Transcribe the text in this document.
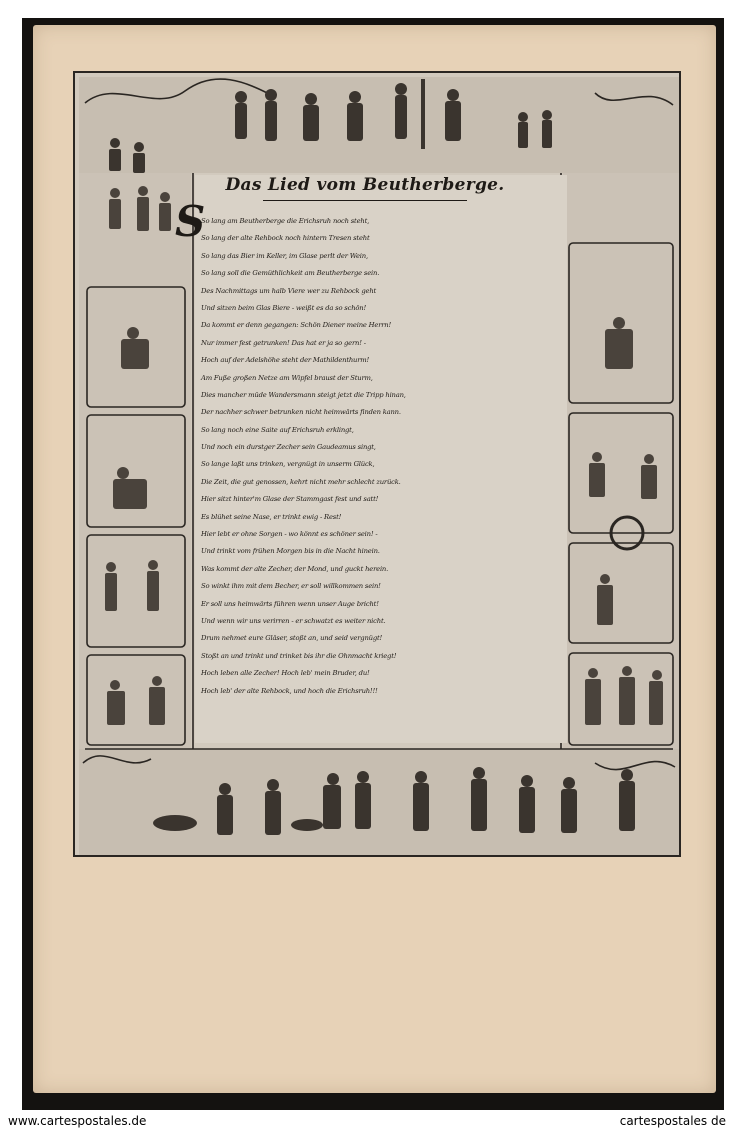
Das Lied vom Beutherberge.
S
So lang am Beutherberge die Erichsruh noch steht,
So lang der alte Rehbock noch hintern Tresen steht
So lang das Bier im Keller, im Glase perlt der Wein,
So lang soll die Gemüthlichkeit am Beutherberge sein.
Des Nachmittags um halb Viere wer zu Rehbock geht
Und sitzen beim Glas Biere - weißt es da so schön!
Da kommt er denn gegangen: Schön Diener meine Herrn!
Nur immer fest getrunken! Das hat er ja so gern! -
Hoch auf der Adelshöhe steht der Mathildenthurm!
Am Fuße großen Netze am Wipfel braust der Sturm,
Dies mancher müde Wandersmann steigt jetzt die Tripp hinan,
Der nachher schwer betrunken nicht heimwärts finden kann.
So lang noch eine Saite auf Erichsruh erklingt,
Und noch ein durstger Zecher sein Gaudeamus singt,
So lange laßt uns trinken, vergnügt in unserm Glück,
Die Zeit, die gut genossen, kehrt nicht mehr schlecht zurück.
Hier sitzt hinter'm Glase der Stammgast fest und satt!
Es blühet seine Nase, er trinkt ewig - Rest!
Hier lebt er ohne Sorgen - wo könnt es schöner sein! -
Und trinkt vom frühen Morgen bis in die Nacht hinein.
Was kommt der alte Zecher, der Mond, und guckt herein.
So winkt ihm mit dem Becher, er soll willkommen sein!
Er soll uns heimwärts führen wenn unser Auge bricht!
Und wenn wir uns verirren - er schwatzt es weiter nicht.
Drum nehmet eure Gläser, stoßt an, und seid vergnügt!
Stoßt an und trinkt und trinket bis ihr die Ohnmacht kriegt!
Hoch leben alle Zecher! Hoch leb' mein Bruder, du!
Hoch leb' der alte Rehbock, und hoch die Erichsruh!!!
www.cartespostales.de	cartespostales de
